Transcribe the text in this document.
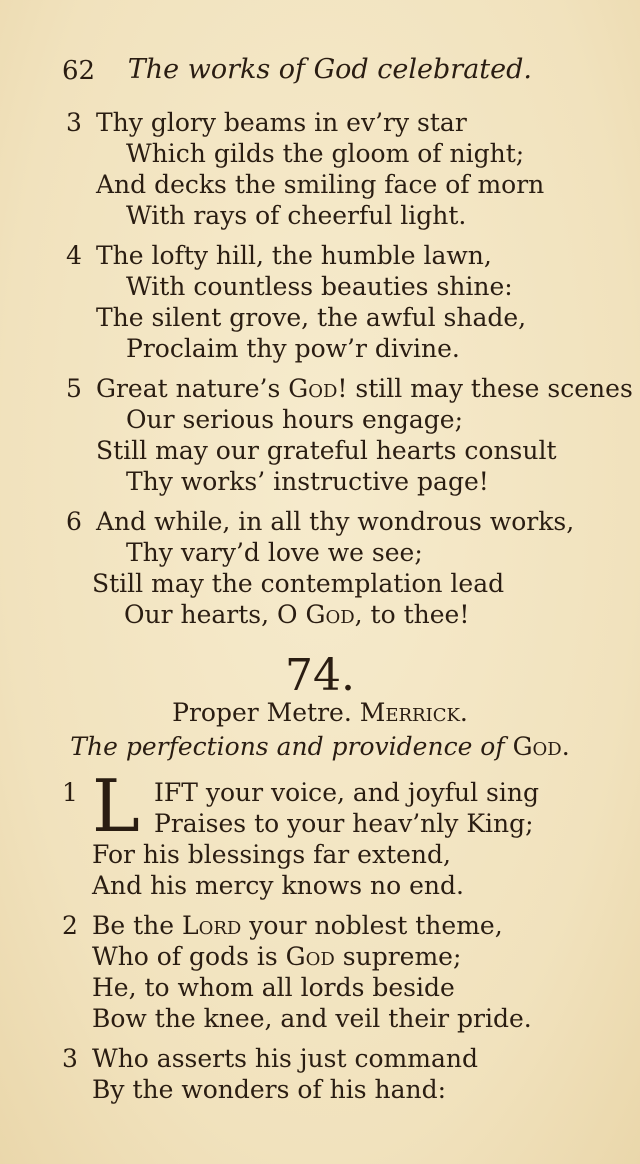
62 The works of God celebrated.
3 Thy glory beams in ev’ry star
Which gilds the gloom of night;
And decks the smiling face of morn
With rays of cheerful light.
4 The lofty hill, the humble lawn,
With countless beauties shine:
The silent grove, the awful shade,
Proclaim thy pow’r divine.
5 Great nature’s God! still may these scenes
Our serious hours engage;
Still may our grateful hearts consult
Thy works’ instructive page!
6 And while, in all thy wondrous works,
Thy vary’d love we see;
Still may the contemplation lead
Our hearts, O God, to thee!
74.
Proper Metre. Merrick.
The perfections and providence of God.
1 L IFT your voice, and joyful sing
Praises to your heav’nly King;
For his blessings far extend,
And his mercy knows no end.
2 Be the Lord your noblest theme,
Who of gods is God supreme;
He, to whom all lords beside
Bow the knee, and veil their pride.
3 Who asserts his just command
By the wonders of his hand:
